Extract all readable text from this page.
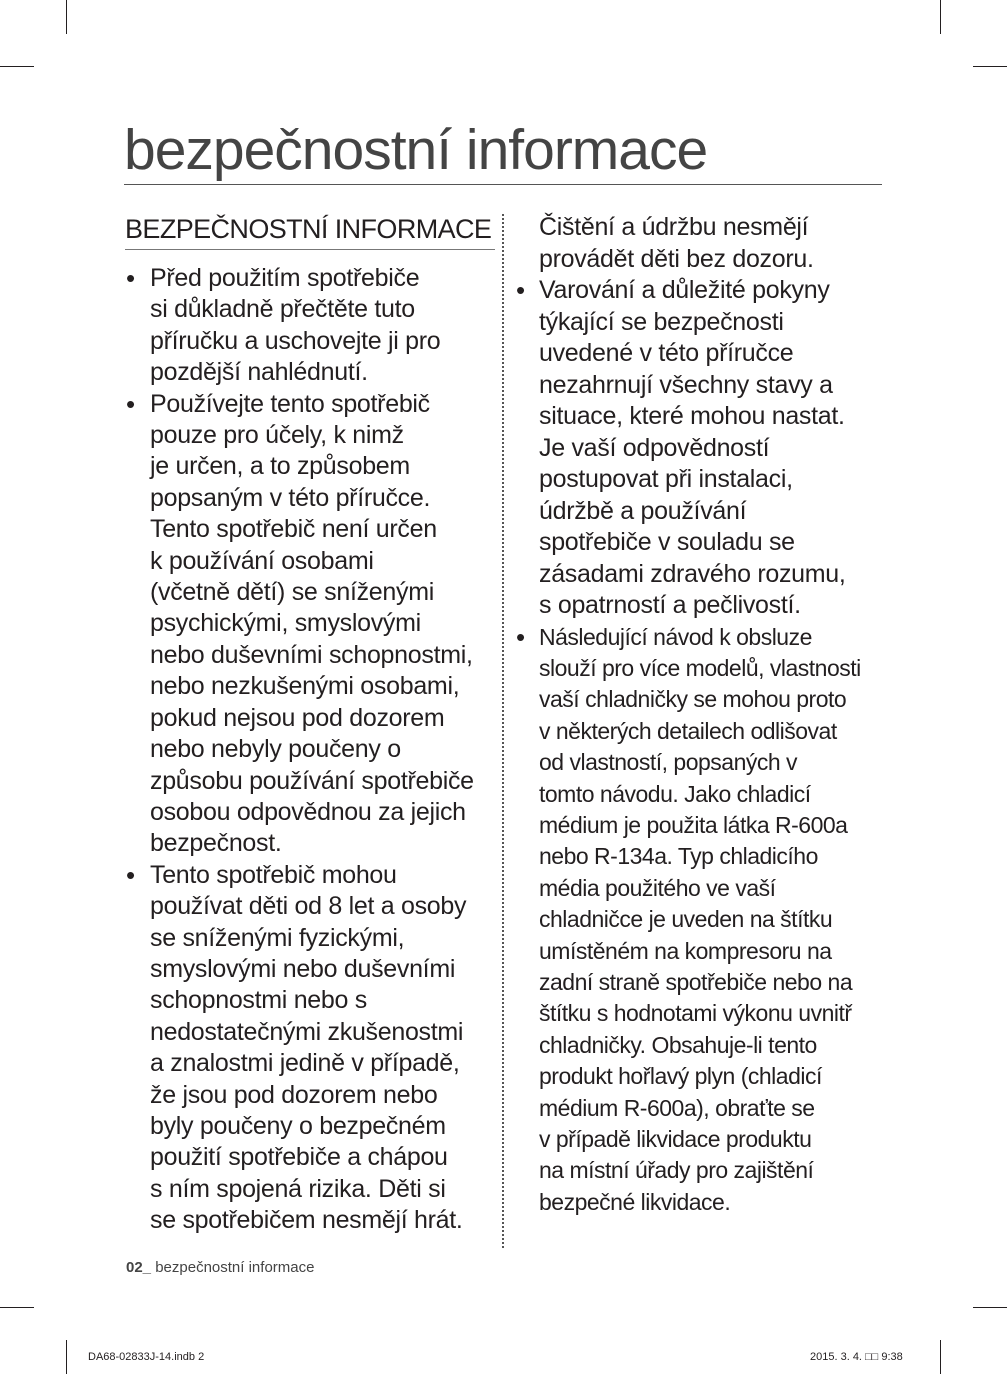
bezpečnostní informace
BEZPEČNOSTNÍ INFORMACE
• Před použitím spotřebiče
si důkladně přečtěte tuto
příručku a uschovejte ji pro
pozdější nahlédnutí.
• Používejte tento spotřebič
pouze pro účely, k nimž
je určen, a to způsobem
popsaným v této příručce.
Tento spotřebič není určen
k používání osobami
(včetně dětí) se sníženými
psychickými, smyslovými
nebo duševními schopnostmi,
nebo nezkušenými osobami,
pokud nejsou pod dozorem
nebo nebyly poučeny o
způsobu používání spotřebiče
osobou odpovědnou za jejich
bezpečnost.
• Tento spotřebič mohou
používat děti od 8 let a osoby
se sníženými fyzickými,
smyslovými nebo duševními
schopnostmi nebo s
nedostatečnými zkušenostmi
a znalostmi jedině v případě,
že jsou pod dozorem nebo
byly poučeny o bezpečném
použití spotřebiče a chápou
s ním spojená rizika. Děti si
se spotřebičem nesmějí hrát.
Čištění a údržbu nesmějí
provádět děti bez dozoru.
• Varování a důležité pokyny
týkající se bezpečnosti
uvedené v této příručce
nezahrnují všechny stavy a
situace, které mohou nastat.
Je vaší odpovědností
postupovat při instalaci,
údržbě a používání
spotřebiče v souladu se
zásadami zdravého rozumu,
s opatrností a pečlivostí.
• Následující návod k obsluze
slouží pro více modelů, vlastnosti
vaší chladničky se mohou proto
v některých detailech odlišovat
od vlastností, popsaných v
tomto návodu. Jako chladicí
médium je použita látka R-600a
nebo R-134a. Typ chladicího
média použitého ve vaší
chladničce je uveden na štítku
umístěném na kompresoru na
zadní straně spotřebiče nebo na
štítku s hodnotami výkonu uvnitř
chladničky. Obsahuje-li tento
produkt hořlavý plyn (chladicí
médium R-600a), obraťte se
v případě likvidace produktu
na místní úřady pro zajištění
bezpečné likvidace.
02_ bezpečnostní informace
DA68-02833J-14.indb 2	2015. 3. 4. □□ 9:38
